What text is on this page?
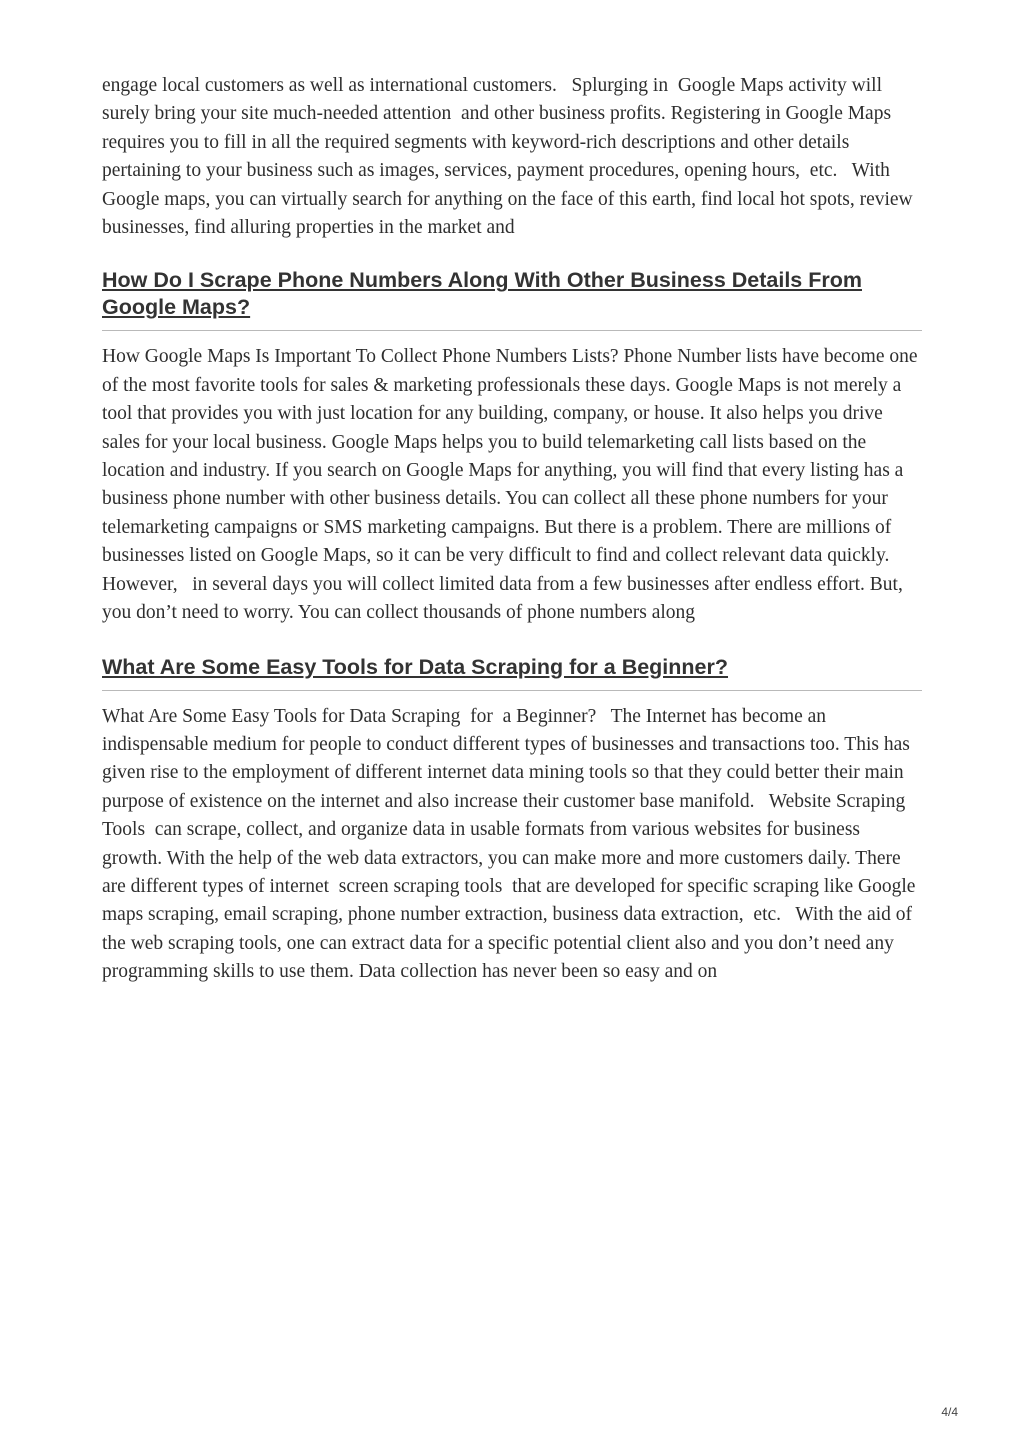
engage local customers as well as international customers.   Splurging in  Google Maps activity will surely bring your site much-needed attention  and other business profits. Registering in Google Maps requires you to fill in all the required segments with keyword-rich descriptions and other details pertaining to your business such as images, services, payment procedures, opening hours,  etc.   With Google maps, you can virtually search for anything on the face of this earth, find local hot spots, review businesses, find alluring properties in the market and

How Do I Scrape Phone Numbers Along With Other Business Details From Google Maps?

How Google Maps Is Important To Collect Phone Numbers Lists? Phone Number lists have become one of the most favorite tools for sales & marketing professionals these days. Google Maps is not merely a tool that provides you with just location for any building, company, or house. It also helps you drive sales for your local business. Google Maps helps you to build telemarketing call lists based on the location and industry. If you search on Google Maps for anything, you will find that every listing has a business phone number with other business details. You can collect all these phone numbers for your telemarketing campaigns or SMS marketing campaigns. But there is a problem. There are millions of businesses listed on Google Maps, so it can be very difficult to find and collect relevant data quickly. However,   in several days you will collect limited data from a few businesses after endless effort. But, you don’t need to worry. You can collect thousands of phone numbers along

What Are Some Easy Tools for Data Scraping for a Beginner?

What Are Some Easy Tools for Data Scraping  for  a Beginner?   The Internet has become an indispensable medium for people to conduct different types of businesses and transactions too. This has given rise to the employment of different internet data mining tools so that they could better their main purpose of existence on the internet and also increase their customer base manifold.   Website Scraping Tools  can scrape, collect, and organize data in usable formats from various websites for business growth. With the help of the web data extractors, you can make more and more customers daily. There are different types of internet  screen scraping tools  that are developed for specific scraping like Google maps scraping, email scraping, phone number extraction, business data extraction,  etc.   With the aid of the web scraping tools, one can extract data for a specific potential client also and you don’t need any programming skills to use them. Data collection has never been so easy and on

4/4
